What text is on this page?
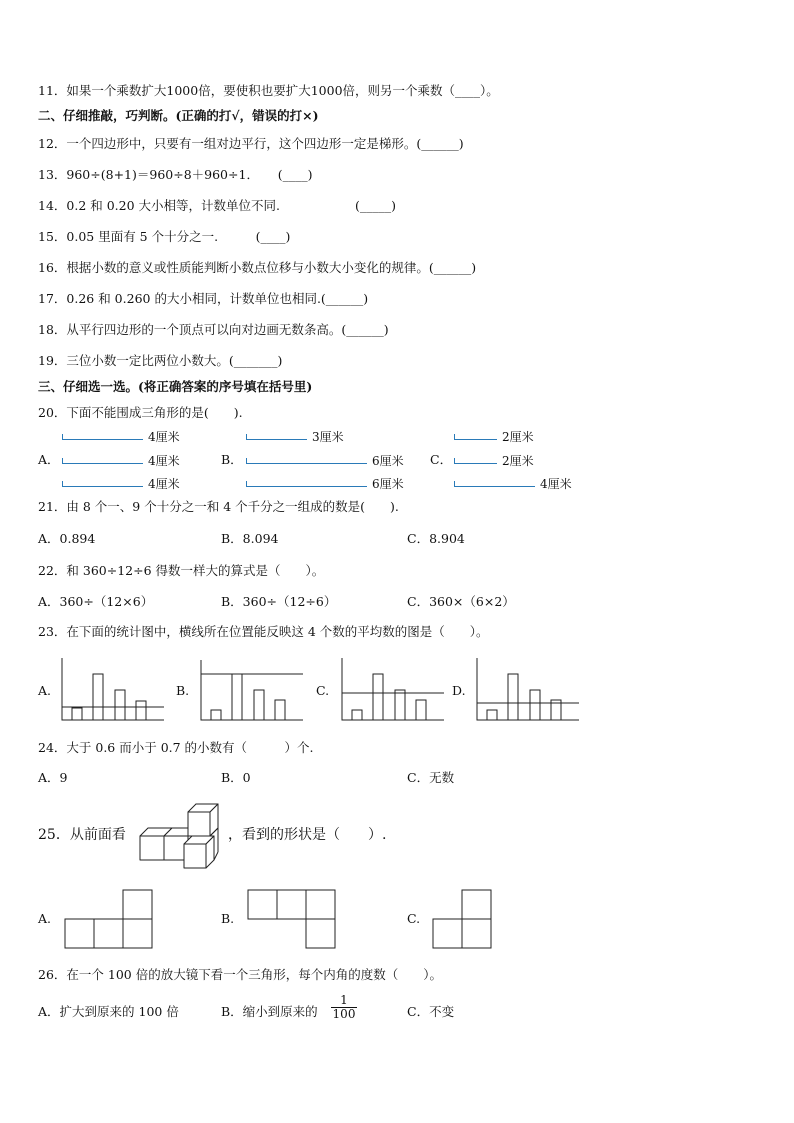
11．如果一个乘数扩大1000倍，要使积也要扩大1000倍，则另一个乘数（____）。
二、仔细推敲，巧判断。(正确的打√，错误的打×)
12．一个四边形中，只要有一组对边平行，这个四边形一定是梯形。(______)
13．960÷(8+1)＝960÷8＋960÷1．　　(____)
14．0.2 和 0.20 大小相等，计数单位不同.　　　　　　(_____)
15．0.05 里面有 5 个十分之一.　　　(____)
16．根据小数的意义或性质能判断小数点位移与小数大小变化的规律。(______)
17．0.26 和 0.260 的大小相同，计数单位也相同.(______)
18．从平行四边形的一个顶点可以向对边画无数条高。(______)
19．三位小数一定比两位小数大。(_______)
三、仔细选一选。(将正确答案的序号填在括号里)
20．下面不能围成三角形的是(　　).
A．	B．	C．
4厘米
4厘米
4厘米
3厘米
6厘米
6厘米
2厘米
2厘米
4厘米
21．由 8 个一、9 个十分之一和 4 个千分之一组成的数是(　　).
A．0.894	B．8.094	C．8.904
22．和 360÷12÷6 得数一样大的算式是（　　）。
A．360÷（12×6）	B．360÷（12÷6）	C．360×（6×2）
23．在下面的统计图中，横线所在位置能反映这 4 个数的平均数的图是（　　）。
A.	B.	C.	D.
24．大于 0.6 而小于 0.7 的小数有（　　　）个.
A．9	B．0	C．无数
25．从前面看	，看到的形状是（　　）.
A.	B.	C.
26．在一个 100 倍的放大镜下看一个三角形，每个内角的度数（　　）。
A．扩大到原来的 100 倍	B．缩小到原来的 $\frac{1}{100}$	C．不变
